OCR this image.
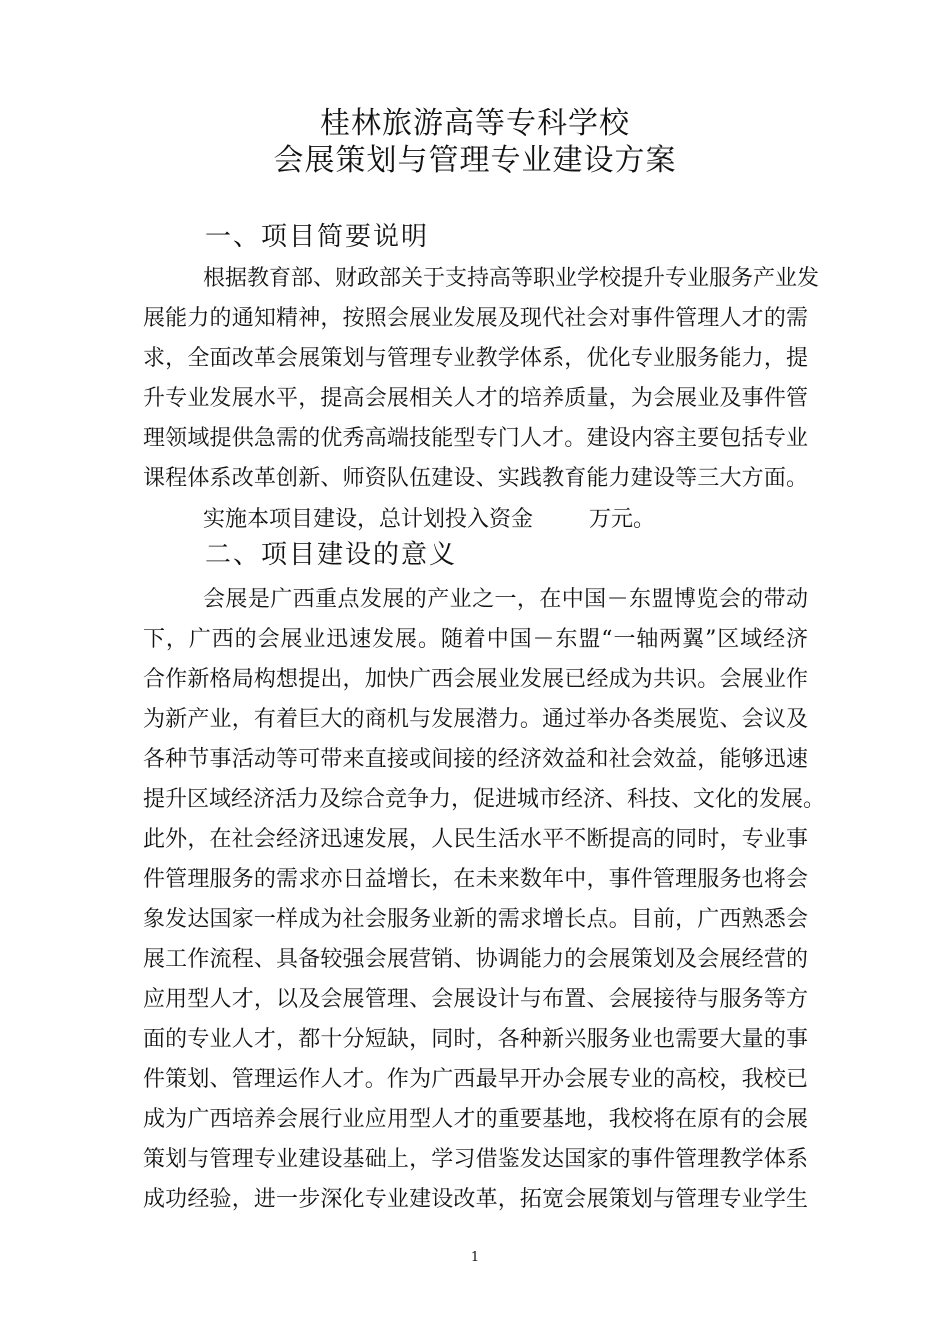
桂林旅游高等专科学校
会展策划与管理专业建设方案
一、项目简要说明
根据教育部、财政部关于支持高等职业学校提升专业服务产业发
展能力的通知精神，按照会展业发展及现代社会对事件管理人才的需
求，全面改革会展策划与管理专业教学体系，优化专业服务能力，提
升专业发展水平，提高会展相关人才的培养质量，为会展业及事件管
理领域提供急需的优秀高端技能型专门人才。建设内容主要包括专业
课程体系改革创新、师资队伍建设、实践教育能力建设等三大方面。
实施本项目建设，总计划投入资金        万元。
二、项目建设的意义
会展是广西重点发展的产业之一，在中国－东盟博览会的带动
下，广西的会展业迅速发展。随着中国－东盟“一轴两翼”区域经济
合作新格局构想提出，加快广西会展业发展已经成为共识。会展业作
为新产业，有着巨大的商机与发展潜力。通过举办各类展览、会议及
各种节事活动等可带来直接或间接的经济效益和社会效益，能够迅速
提升区域经济活力及综合竞争力，促进城市经济、科技、文化的发展。
此外，在社会经济迅速发展，人民生活水平不断提高的同时，专业事
件管理服务的需求亦日益增长，在未来数年中，事件管理服务也将会
象发达国家一样成为社会服务业新的需求增长点。目前，广西熟悉会
展工作流程、具备较强会展营销、协调能力的会展策划及会展经营的
应用型人才，以及会展管理、会展设计与布置、会展接待与服务等方
面的专业人才，都十分短缺，同时，各种新兴服务业也需要大量的事
件策划、管理运作人才。作为广西最早开办会展专业的高校，我校已
成为广西培养会展行业应用型人才的重要基地，我校将在原有的会展
策划与管理专业建设基础上，学习借鉴发达国家的事件管理教学体系
成功经验，进一步深化专业建设改革，拓宽会展策划与管理专业学生
1
